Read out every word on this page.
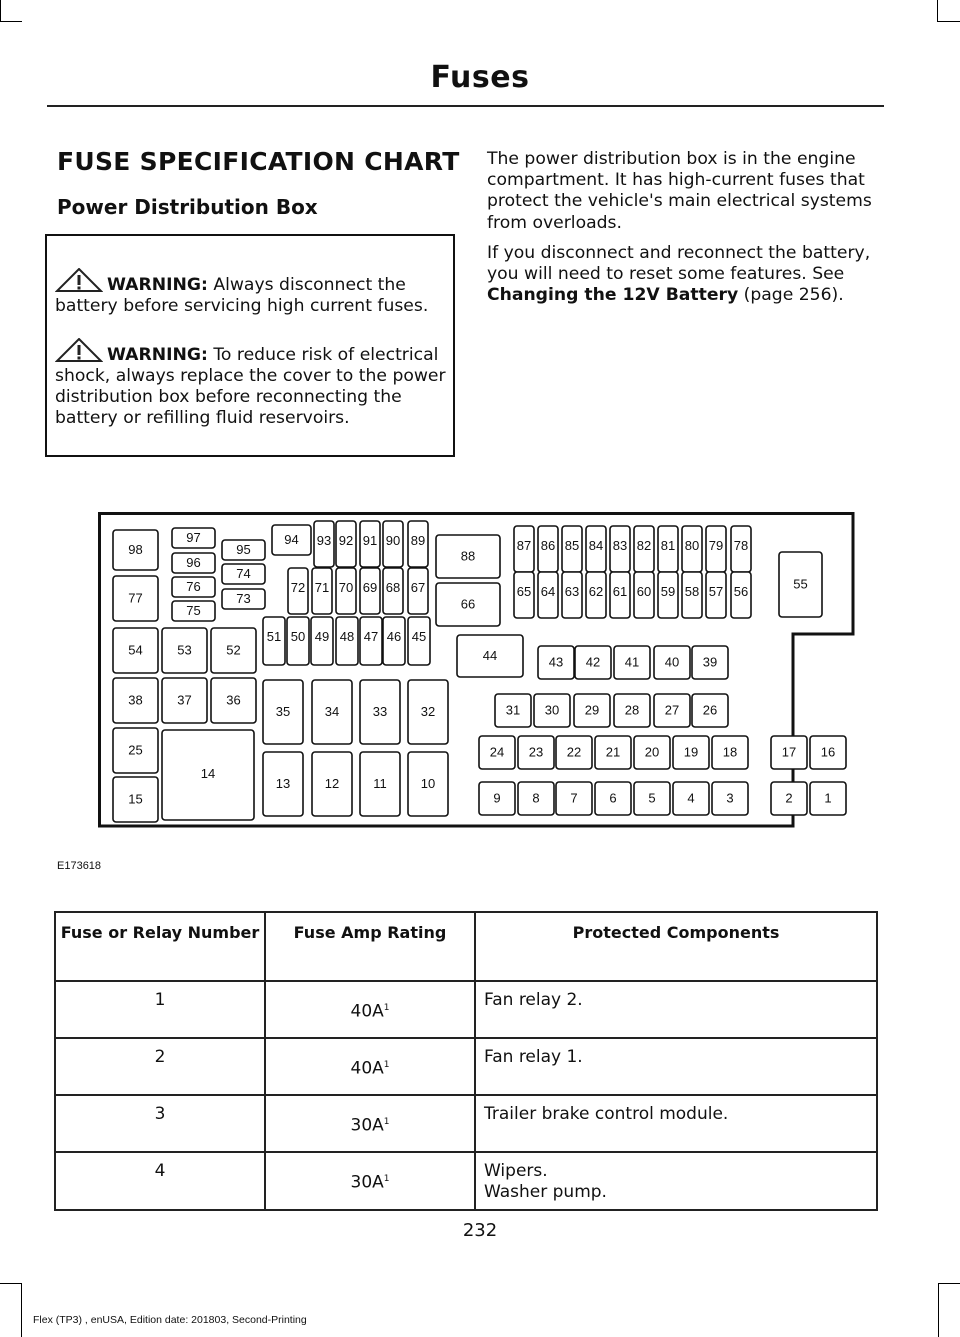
Fuses
FUSE SPECIFICATION CHART
Power Distribution Box
WARNING: Always disconnect the battery before servicing high current fuses.
WARNING: To reduce risk of electrical shock, always replace the cover to the power distribution box before reconnecting the battery or refilling fluid reservoirs.
The power distribution box is in the engine compartment. It has high-current fuses that protect the vehicle's main electrical systems from overloads.
If you disconnect and reconnect the battery, you will need to reset some features. See Changing the 12V Battery (page 256).
98
97
96
95
74
76
73
75
77
94 93 92 91 90 89
72 71 70 69 68 67
88
66
87 86 85 84 83 82 81 80 79 78
65 64 63 62 61 60 59 58 57 56	55
54	53	52
51 50 49 48 47 46 45
44	43 42 41 40 39
38	37	36
35	34	33	32	31 30 29 28 27 26
25
14
24 23 22 21 20 19 18	17 16
15
13	12	11	10
9 8 7 6 5 4 3	2 1
E173618
Fuse or Relay Number	Fuse Amp Rating	Protected Components
1	$40A^1$	Fan relay 2.

2	$40A^1$	Fan relay 1.

3	$30A^1$	Trailer brake control module.

4	$30A^1$	Wipers.
Washer pump.
232
Flex (TP3) , enUSA, Edition date: 201803, Second-Printing
